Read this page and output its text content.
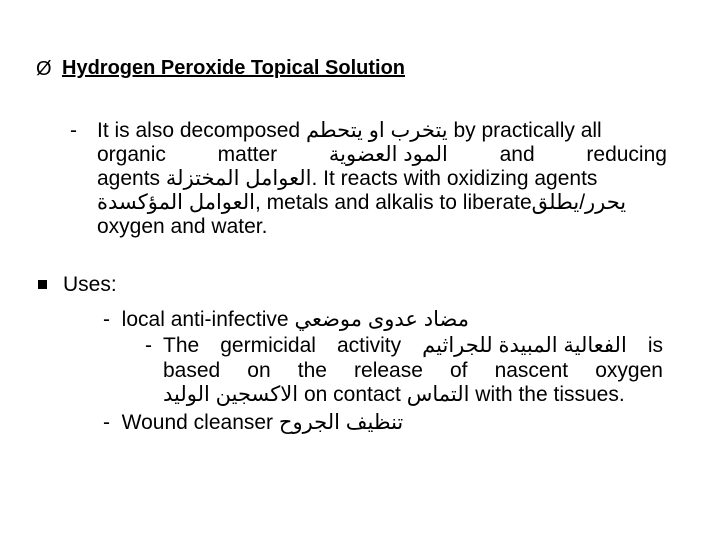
Ø Hydrogen Peroxide Topical Solution
- It is also decomposed يتخرب او يتحطم by practically all
organic matter المود العضوية and reducing
agents العوامل المختزلة. It reacts with oxidizing agents
العوامل المؤكسدة, metals and alkalis to liberateيحرر/يطلق
oxygen and water.
Uses:
- local anti-infective مضاد عدوى موضعي
- The germicidal activity الفعالية المبيدة للجراثيم is
based on the release of nascent oxygen
الاكسجين الوليد on contact التماس with the tissues.
- Wound cleanser تنظيف الجروح
